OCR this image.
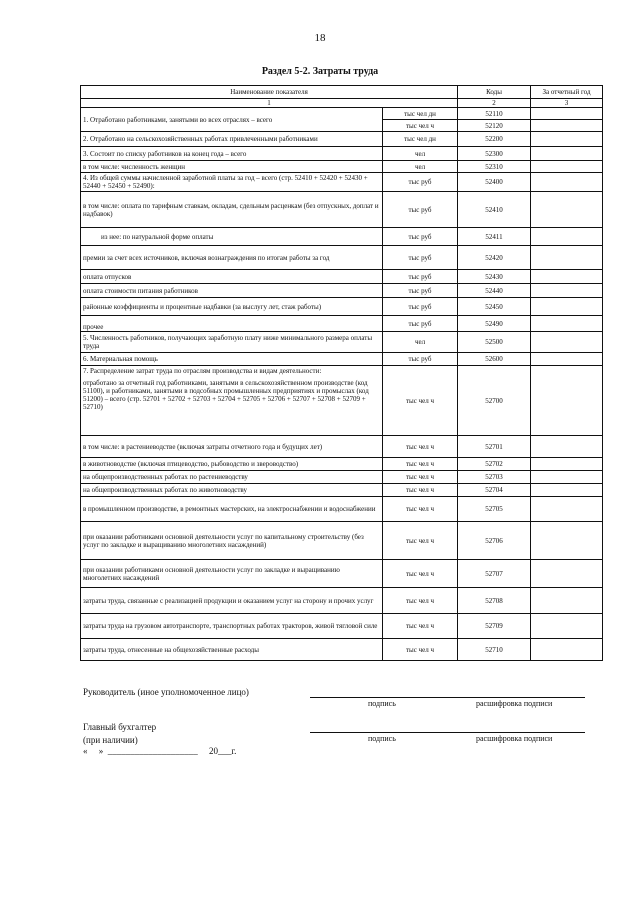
18
Раздел 5-2. Затраты труда
Наименование показателя		Коды	За отчетный год
1		2	3
1. Отработано работниками, занятыми во всех отраслях – всего	тыс чел дн	52110	
	тыс чел ч	52120	
2. Отработано на сельскохозяйственных работах привлеченными работниками	тыс чел дн	52200	
3. Состоит по списку работников на конец года – всего	чел	52300	
в том числе: численность женщин	чел	52310	
4. Из общей суммы начисленной заработной платы за год – всего (стр. 52410 + 52420 + 52430 + 52440 + 52450 + 52490):	тыс руб	52400	
в том числе: оплата по тарифным ставкам, окладам, сдельным расценкам (без отпускных, доплат и надбавок)	тыс руб	52410	
из нее: по натуральной форме оплаты	тыс руб	52411	
премии за счет всех источников, включая вознаграждения по итогам работы за год	тыс руб	52420	
оплата отпусков	тыс руб	52430	
оплата стоимости питания работников	тыс руб	52440	
районные коэффициенты и процентные надбавки (за выслугу лет, стаж работы)	тыс руб	52450	
прочее	тыс руб	52490	
5. Численность работников, получающих заработную плату ниже минимального размера оплаты труда	чел	52500	
6. Материальная помощь	тыс руб	52600	

7. Распределение затрат труда по отраслям производства и видам деятельности:
отработано за отчетный год работниками, занятыми в сельскохозяйственном производстве (код 51100), и работниками, занятыми в подсобных промышленных предприятиях и промыслах (код 51200) – всего (стр. 52701 + 52702 + 52703 + 52704 + 52705 + 52706 + 52707 + 52708 + 52709 + 52710)	тыс чел ч	52700	
в том числе: в растениеводстве (включая затраты отчетного года и будущих лет)	тыс чел ч	52701	
в животноводстве (включая птицеводство, рыбоводство и звероводство)	тыс чел ч	52702	
на общепроизводственных работах по растениеводству	тыс чел ч	52703	
на общепроизводственных работах по животноводству	тыс чел ч	52704	
в промышленном производстве, в ремонтных мастерских, на электроснабжении и водоснабжении	тыс чел ч	52705	
при оказании работниками основной деятельности услуг по капитальному строительству (без услуг по закладке и выращиванию многолетних насаждений)	тыс чел ч	52706	
при оказании работниками основной деятельности услуг по закладке и выращиванию многолетних насаждений	тыс чел ч	52707	
затраты труда, связанные с реализацией продукции и оказанием услуг на сторону и прочих услуг	тыс чел ч	52708	
затраты труда на грузовом автотранспорте, транспортных работах тракторов, живой тягловой силе	тыс чел ч	52709	
затраты труда, отнесенные на общехозяйственные расходы	тыс чел ч	52710	
Руководитель (иное уполномоченное лицо)
подпись	расшифровка подписи
Главный бухгалтер
(при наличии)	подпись	расшифровка подписи
«     »  ____________________     20___г.
